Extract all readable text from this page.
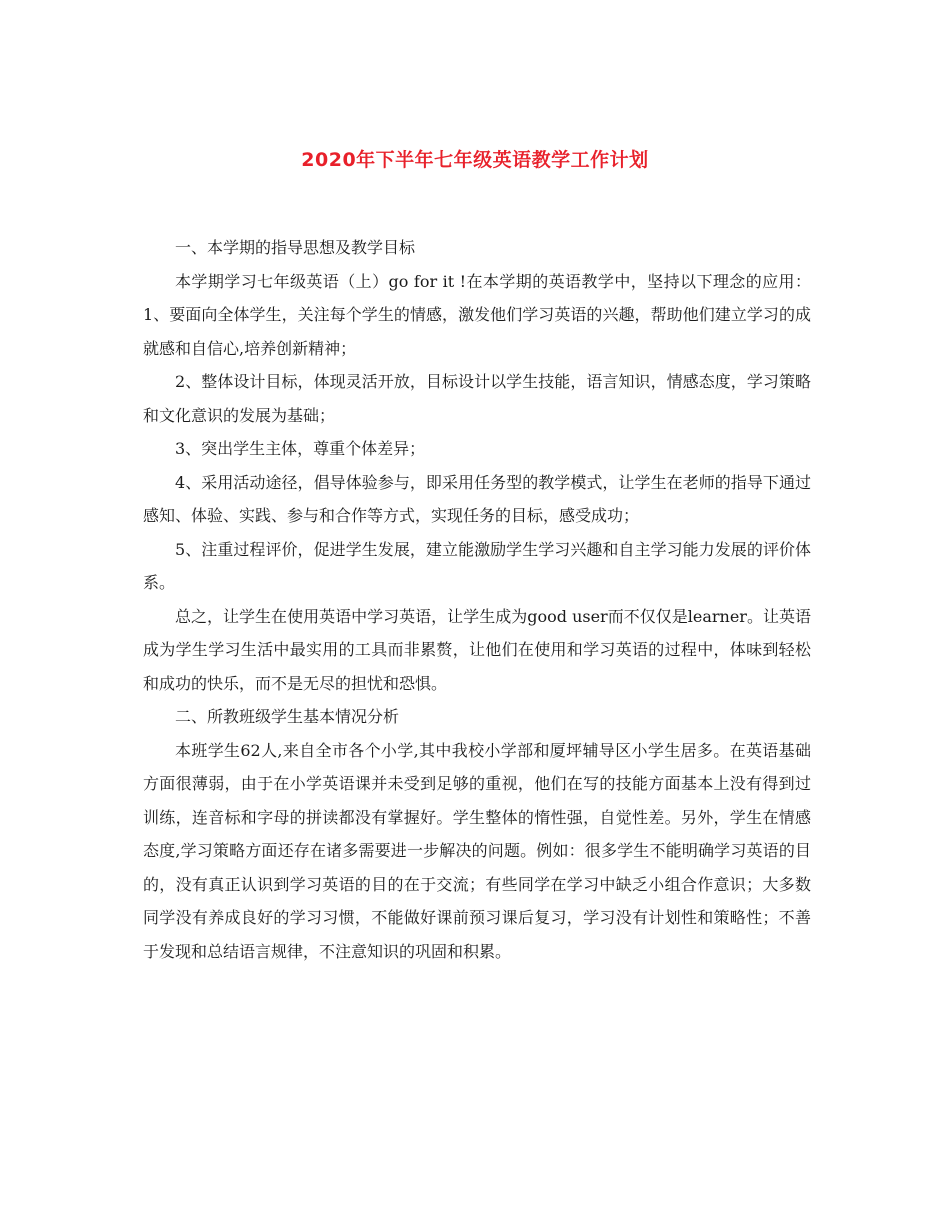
2020年下半年七年级英语教学工作计划

一、本学期的指导思想及教学目标

本学期学习七年级英语（上）go for it !在本学期的英语教学中，坚持以下理念的应用：1、要面向全体学生，关注每个学生的情感，激发他们学习英语的兴趣，帮助他们建立学习的成就感和自信心,培养创新精神；

2、整体设计目标，体现灵活开放，目标设计以学生技能，语言知识，情感态度，学习策略和文化意识的发展为基础；

3、突出学生主体，尊重个体差异；

4、采用活动途径，倡导体验参与，即采用任务型的教学模式，让学生在老师的指导下通过感知、体验、实践、参与和合作等方式，实现任务的目标，感受成功；

5、注重过程评价，促进学生发展，建立能激励学生学习兴趣和自主学习能力发展的评价体系。

总之，让学生在使用英语中学习英语，让学生成为good user而不仅仅是learner。让英语成为学生学习生活中最实用的工具而非累赘，让他们在使用和学习英语的过程中，体味到轻松和成功的快乐，而不是无尽的担忧和恐惧。

二、所教班级学生基本情况分析

本班学生62人,来自全市各个小学,其中我校小学部和厦坪辅导区小学生居多。在英语基础方面很薄弱，由于在小学英语课并未受到足够的重视，他们在写的技能方面基本上没有得到过训练，连音标和字母的拼读都没有掌握好。学生整体的惰性强，自觉性差。另外，学生在情感态度,学习策略方面还存在诸多需要进一步解决的问题。例如：很多学生不能明确学习英语的目的，没有真正认识到学习英语的目的在于交流；有些同学在学习中缺乏小组合作意识；大多数同学没有养成良好的学习习惯，不能做好课前预习课后复习，学习没有计划性和策略性；不善于发现和总结语言规律，不注意知识的巩固和积累。
